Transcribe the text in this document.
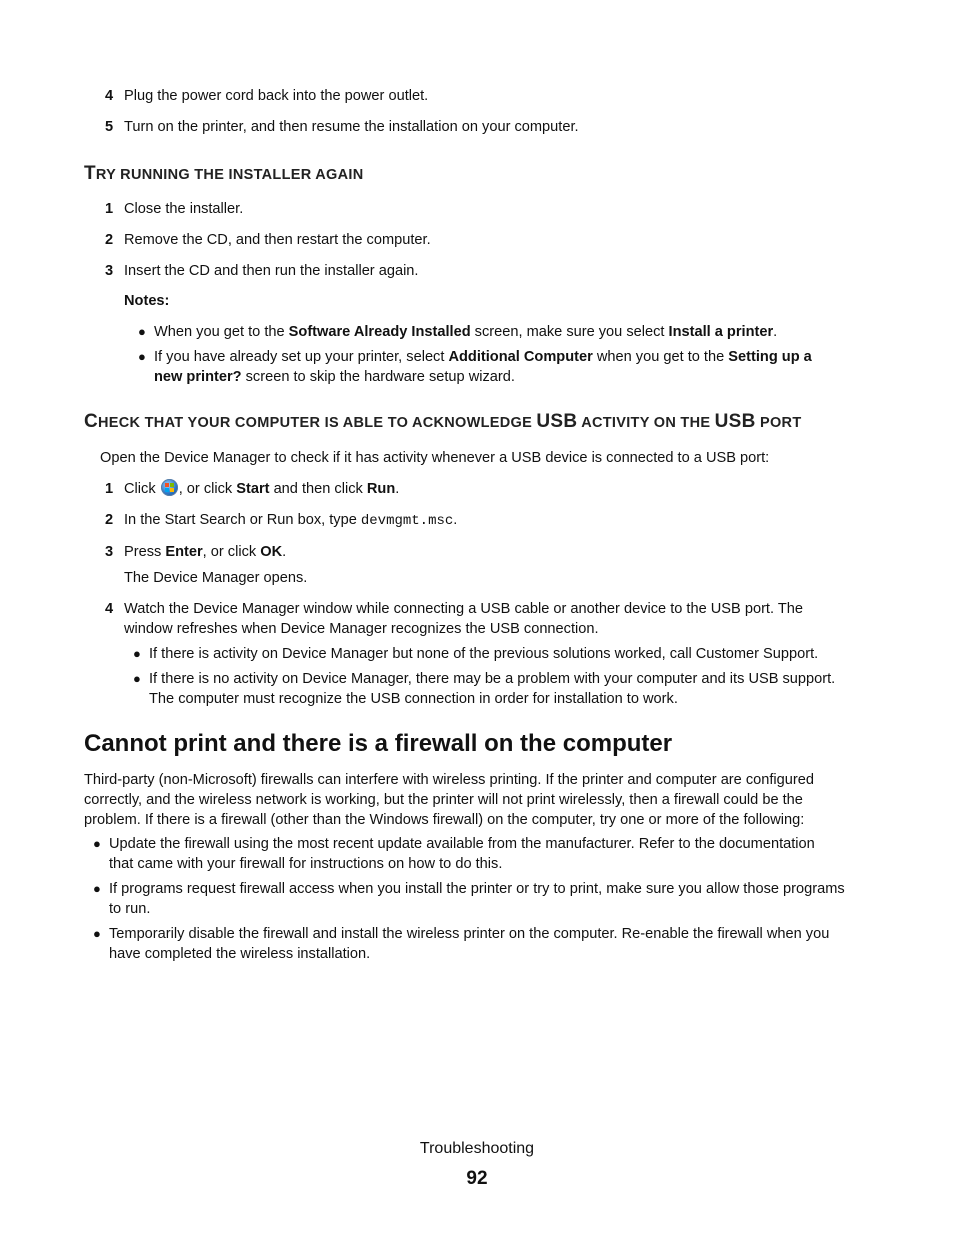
4 Plug the power cord back into the power outlet.
5 Turn on the printer, and then resume the installation on your computer.
TRY RUNNING THE INSTALLER AGAIN
1 Close the installer.
2 Remove the CD, and then restart the computer.
3 Insert the CD and then run the installer again.
Notes:
● When you get to the Software Already Installed screen, make sure you select Install a printer.
● If you have already set up your printer, select Additional Computer when you get to the Setting up a
new printer? screen to skip the hardware setup wizard.
CHECK THAT YOUR COMPUTER IS ABLE TO ACKNOWLEDGE USB ACTIVITY ON THE USB PORT
Open the Device Manager to check if it has activity whenever a USB device is connected to a USB port:
1 Click
, or click Start and then click Run.
2 In the Start Search or Run box, type devmgmt.msc.
3 Press Enter, or click OK.
The Device Manager opens.
4 Watch the Device Manager window while connecting a USB cable or another device to the USB port. The
window refreshes when Device Manager recognizes the USB connection.
● If there is activity on Device Manager but none of the previous solutions worked, call Customer Support.
● If there is no activity on Device Manager, there may be a problem with your computer and its USB support.
The computer must recognize the USB connection in order for installation to work.
Cannot print and there is a firewall on the computer
Third-party (non-Microsoft) firewalls can interfere with wireless printing. If the printer and computer are configured
correctly, and the wireless network is working, but the printer will not print wirelessly, then a firewall could be the
problem. If there is a firewall (other than the Windows firewall) on the computer, try one or more of the following:
● Update the firewall using the most recent update available from the manufacturer. Refer to the documentation
that came with your firewall for instructions on how to do this.
● If programs request firewall access when you install the printer or try to print, make sure you allow those programs
to run.
● Temporarily disable the firewall and install the wireless printer on the computer. Re-enable the firewall when you
have completed the wireless installation.
Troubleshooting
92
